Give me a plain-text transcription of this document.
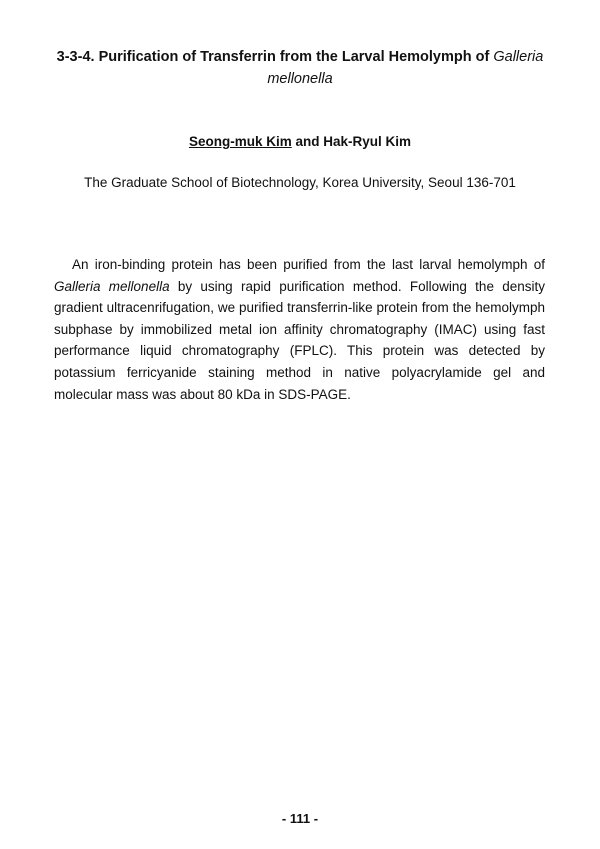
3-3-4. Purification of Transferrin from the Larval Hemolymph of Galleria mellonella
Seong-muk Kim and Hak-Ryul Kim
The Graduate School of Biotechnology, Korea University, Seoul 136-701
An iron-binding protein has been purified from the last larval hemolymph of Galleria mellonella by using rapid purification method. Following the density gradient ultracenrifugation, we purified transferrin-like protein from the hemolymph subphase by immobilized metal ion affinity chromatography (IMAC) using fast performance liquid chromatography (FPLC). This protein was detected by potassium ferricyanide staining method in native polyacrylamide gel and molecular mass was about 80 kDa in SDS-PAGE.
- 111 -
